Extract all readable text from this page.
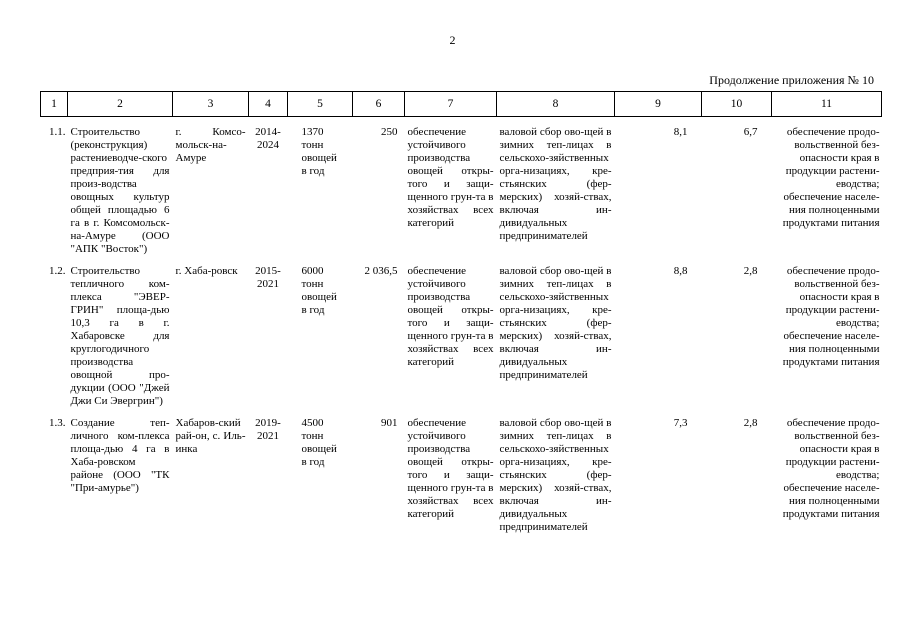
2
Продолжение приложения № 10
1	2	3	4	5	6	7	8	9	10	11

1.1.	Строительство (реконструкция) растениеводче-ского предприя-тия для произ-водства овощных культур общей площадью 6 га в г. Комсомольск-на-Амуре (ООО "АПК "Восток")	г. Комсо-мольск-на-Амуре	2014-
2024	1370
тонн
овощей
в год	250	обеспечение устойчивого производства овощей откры-того и защи-щенного грун-та в хозяйствах всех категорий	валовой сбор ово-щей в зимних теп-лицах в сельскохо-зяйственных орга-низациях, кре-стьянских (фер-мерских) хозяй-ствах, включая ин-дивидуальных предпринимателей	8,1	6,7	обеспечение продо-вольственной без-опасности края в продукции растени-еводства;
обеспечение населе-ния полноценными продуктами питания

1.2.	Строительство тепличного ком-плекса "ЭВЕР-ГРИН" площа-дью 10,3 га в г. Хабаровске для круглогодичного производства овощной про-дукции (ООО "Джей Джи Си Эвергрин")	г. Хаба-ровск	2015-
2021	6000
тонн
овощей
в год	2 036,5	обеспечение устойчивого производства овощей откры-того и защи-щенного грун-та в хозяйствах всех категорий	валовой сбор ово-щей в зимних теп-лицах в сельскохо-зяйственных орга-низациях, кре-стьянских (фер-мерских) хозяй-ствах, включая ин-дивидуальных предпринимателей	8,8	2,8	обеспечение продо-вольственной без-опасности края в продукции растени-еводства;
обеспечение населе-ния полноценными продуктами питания

1.3.	Создание теп-личного ком-плекса площа-дью 4 га в Хаба-ровском районе (ООО "ТК "При-амурье")	Хабаров-ский рай-он, с. Иль-инка	2019-
2021	4500
тонн
овощей
в год	901	обеспечение устойчивого производства овощей откры-того и защи-щенного грун-та в хозяйствах всех категорий	валовой сбор ово-щей в зимних теп-лицах в сельскохо-зяйственных орга-низациях, кре-стьянских (фер-мерских) хозяй-ствах, включая ин-дивидуальных предпринимателей	7,3	2,8	обеспечение продо-вольственной без-опасности края в продукции растени-еводства;
обеспечение населе-ния полноценными продуктами питания
